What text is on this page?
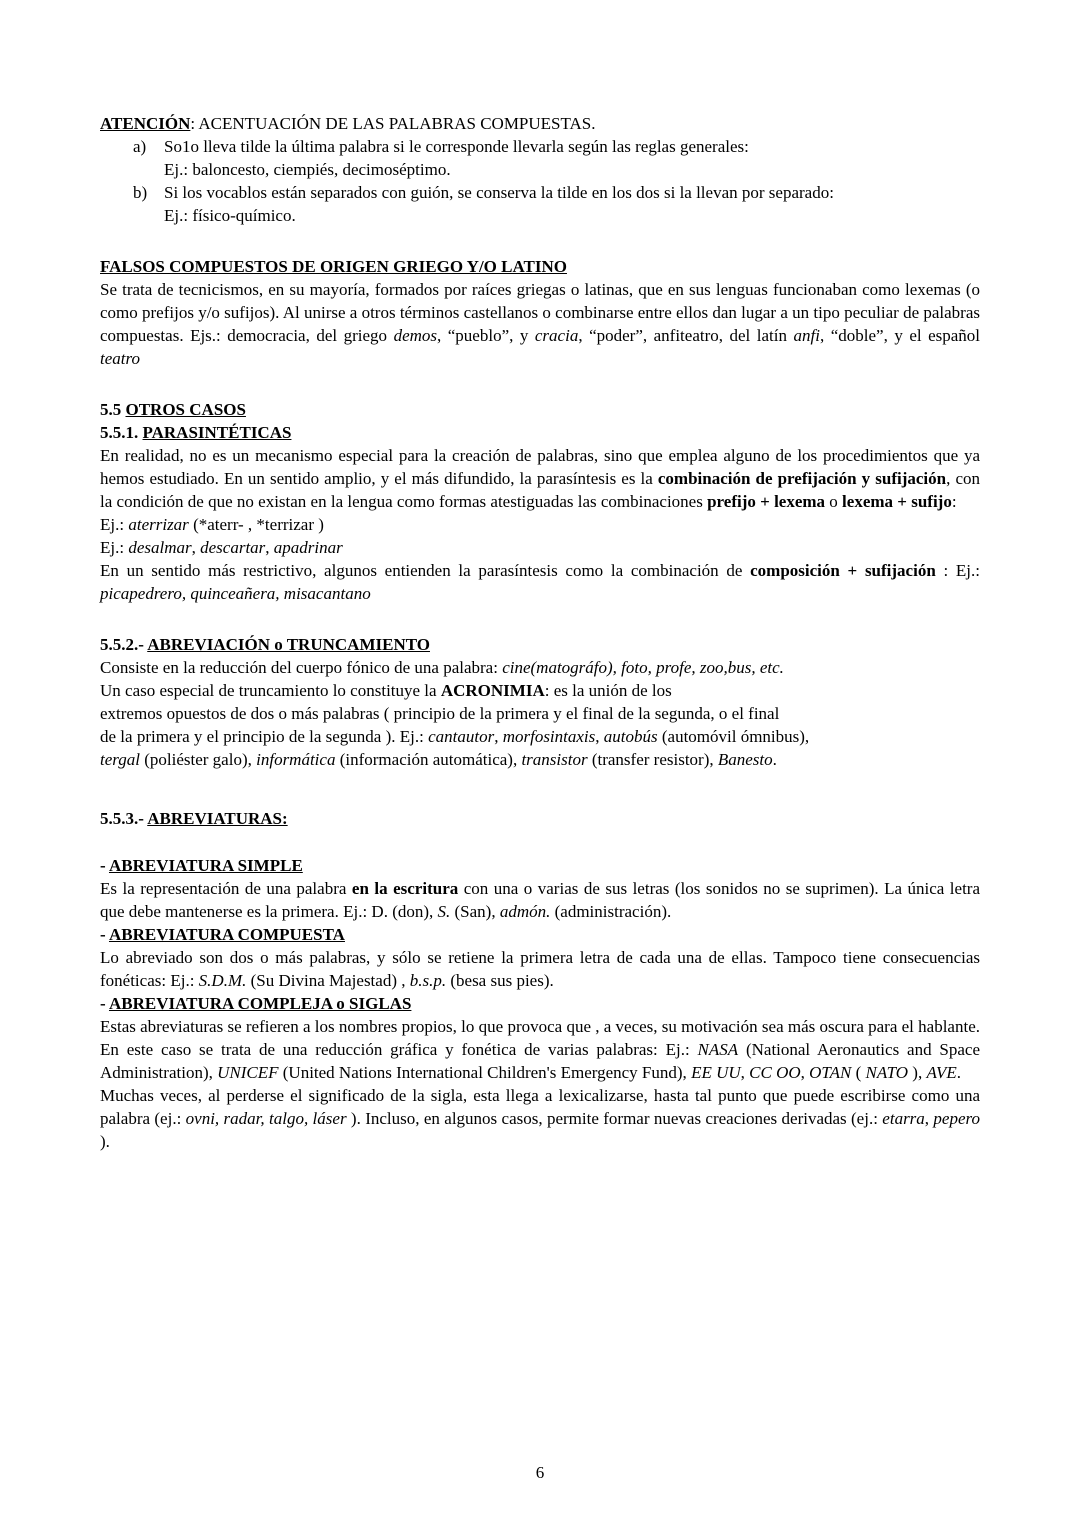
ATENCIÓN: ACENTUACIÓN DE LAS PALABRAS COMPUESTAS.
a) So1o lleva tilde la última palabra si le corresponde llevarla según las reglas generales:
Ej.: baloncesto, ciempiés, decimoséptimo.
b) Si los vocablos están separados con guión, se conserva la tilde en los dos si la llevan por separado:
Ej.: físico-químico.
FALSOS COMPUESTOS DE ORIGEN GRIEGO Y/O LATINO
Se trata de tecnicismos, en su mayoría, formados por raíces griegas o latinas, que en sus lenguas funcionaban como lexemas (o como prefijos y/o sufijos). Al unirse a otros términos castellanos o combinarse entre ellos dan lugar a un tipo peculiar de palabras compuestas. Ejs.: democracia, del griego demos, “pueblo”, y cracia, “poder”, anfiteatro, del latín anfi, “doble”, y el español teatro
5.5 OTROS CASOS
5.5.1. PARASINTÉTICAS
En realidad, no es un mecanismo especial para la creación de palabras, sino que emplea alguno de los procedimientos que ya hemos estudiado. En un sentido amplio, y el más difundido, la parasíntesis es la combinación de prefijación y sufijación, con la condición de que no existan en la lengua como formas atestiguadas las combinaciones prefijo + lexema o lexema + sufijo:
Ej.: aterrizar (*aterr- , *terrizar )
Ej.: desalmar, descartar, apadrinar
En un sentido más restrictivo, algunos entienden la parasíntesis como la combinación de composición + sufijación : Ej.: picapedrero, quinceañera, misacantano
5.5.2.- ABREVIACIÓN o TRUNCAMIENTO
Consiste en la reducción del cuerpo fónico de una palabra: cine(matográfo), foto, profe, zoo,bus, etc.
Un caso especial de truncamiento lo constituye la ACRONIMIA: es la unión de los
extremos opuestos de dos o más palabras ( principio de la primera y el final de la segunda, o el final
de la primera y el principio de la segunda ). Ej.: cantautor, morfosintaxis, autobús (automóvil ómnibus),
tergal (poliéster galo), informática (información automática), transistor (transfer resistor), Banesto.
5.5.3.- ABREVIATURAS:
- ABREVIATURA SIMPLE
Es la representación de una palabra en la escritura con una o varias de sus letras (los sonidos no se suprimen). La única letra que debe mantenerse es la primera. Ej.: D. (don), S. (San), admón. (administración).
- ABREVIATURA COMPUESTA
Lo abreviado son dos o más palabras, y sólo se retiene la primera letra de cada una de ellas. Tampoco tiene consecuencias fonéticas: Ej.: S.D.M. (Su Divina Majestad) , b.s.p. (besa sus pies).
- ABREVIATURA COMPLEJA o SIGLAS
Estas abreviaturas se refieren a los nombres propios, lo que provoca que , a veces, su motivación sea más oscura para el hablante. En este caso se trata de una reducción gráfica y fonética de varias palabras: Ej.: NASA (National Aeronautics and Space Administration), UNICEF (United Nations International Children's Emergency Fund), EE UU, CC OO, OTAN ( NATO ), AVE.
Muchas veces, al perderse el significado de la sigla, esta llega a lexicalizarse, hasta tal punto que puede escribirse como una palabra (ej.: ovni, radar, talgo, láser ). Incluso, en algunos casos, permite formar nuevas creaciones derivadas (ej.: etarra, pepero ).
6
